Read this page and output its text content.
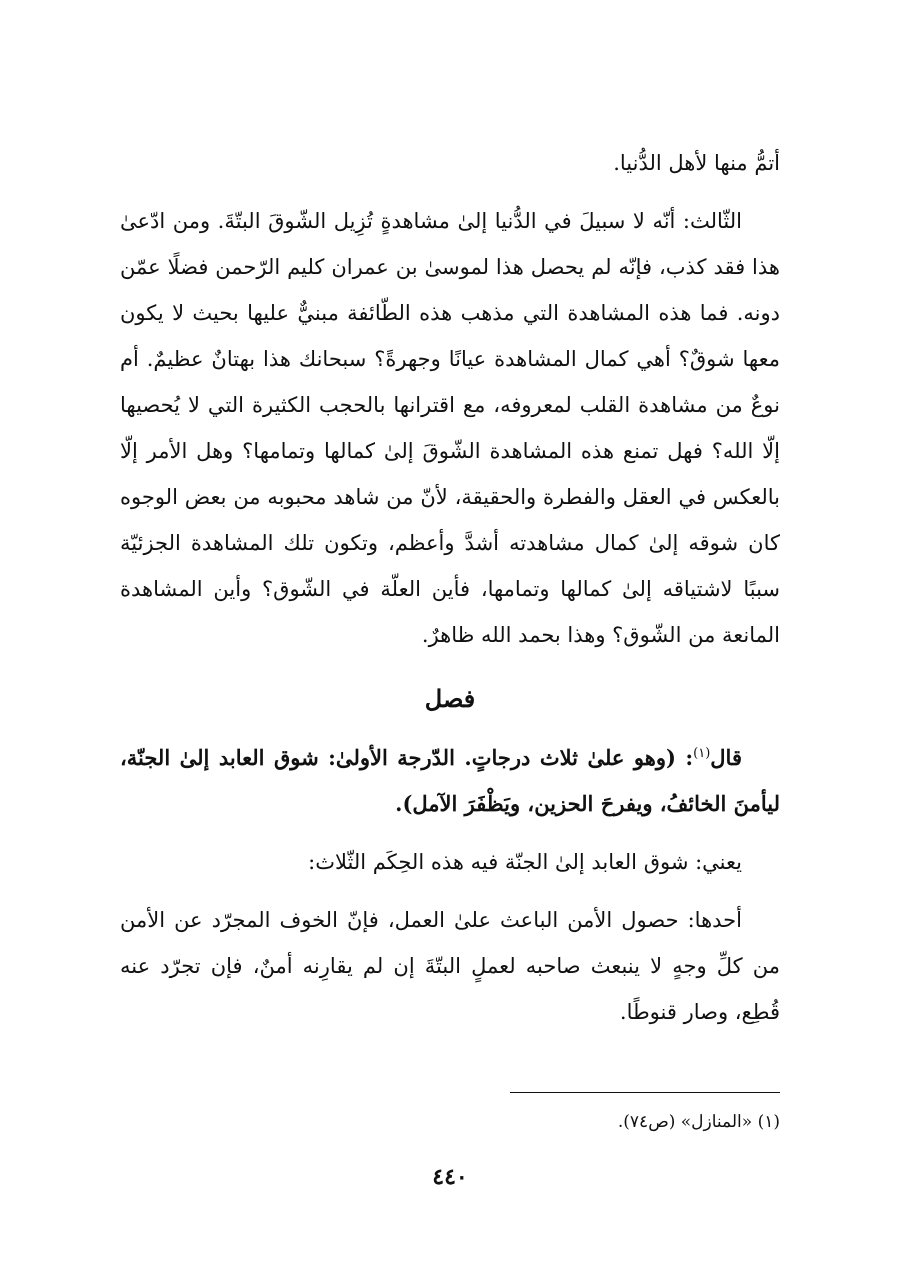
أتمُّ منها لأهل الدُّنيا.

الثّالث: أنّه لا سبيلَ في الدُّنيا إلىٰ مشاهدةٍ تُزِيل الشّوقَ البتّةَ. ومن ادّعىٰ هذا فقد كذب، فإنّه لم يحصل هذا لموسىٰ بن عمران كليم الرّحمن فضلًا عمّن دونه. فما هذه المشاهدة التي مذهب هذه الطّائفة مبنيٌّ عليها بحيث لا يكون معها شوقٌ؟ أهي كمال المشاهدة عيانًا وجهرةً؟ سبحانك هذا بهتانٌ عظيمٌ. أم نوعٌ من مشاهدة القلب لمعروفه، مع اقترانها بالحجب الكثيرة التي لا يُحصيها إلّا الله؟ فهل تمنع هذه المشاهدة الشّوقَ إلىٰ كمالها وتمامها؟ وهل الأمر إلّا بالعكس في العقل والفطرة والحقيقة، لأنّ من شاهد محبوبه من بعض الوجوه كان شوقه إلىٰ كمال مشاهدته أشدَّ وأعظم، وتكون تلك المشاهدة الجزئيّة سببًا لاشتياقه إلىٰ كمالها وتمامها، فأين العلّة في الشّوق؟ وأين المشاهدة المانعة من الشّوق؟ وهذا بحمد الله ظاهرٌ.

فصل

قال$^{(١)}$: (وهو علىٰ ثلاث درجاتٍ. الدّرجة الأولىٰ: شوق العابد إلىٰ الجنّة، ليأمنَ الخائفُ، ويفرحَ الحزين، ويَظْفَرَ الآمل).

يعني: شوق العابد إلىٰ الجنّة فيه هذه الحِكَم الثّلاث:

أحدها: حصول الأمن الباعث علىٰ العمل، فإنّ الخوف المجرّد عن الأمن من كلِّ وجهٍ لا ينبعث صاحبه لعملٍ البتّةَ إن لم يقارِنه أمنٌ، فإن تجرّد عنه قُطِع، وصار قنوطًا.

(١) «المنازل» (ص٧٤).
٤٤٠
